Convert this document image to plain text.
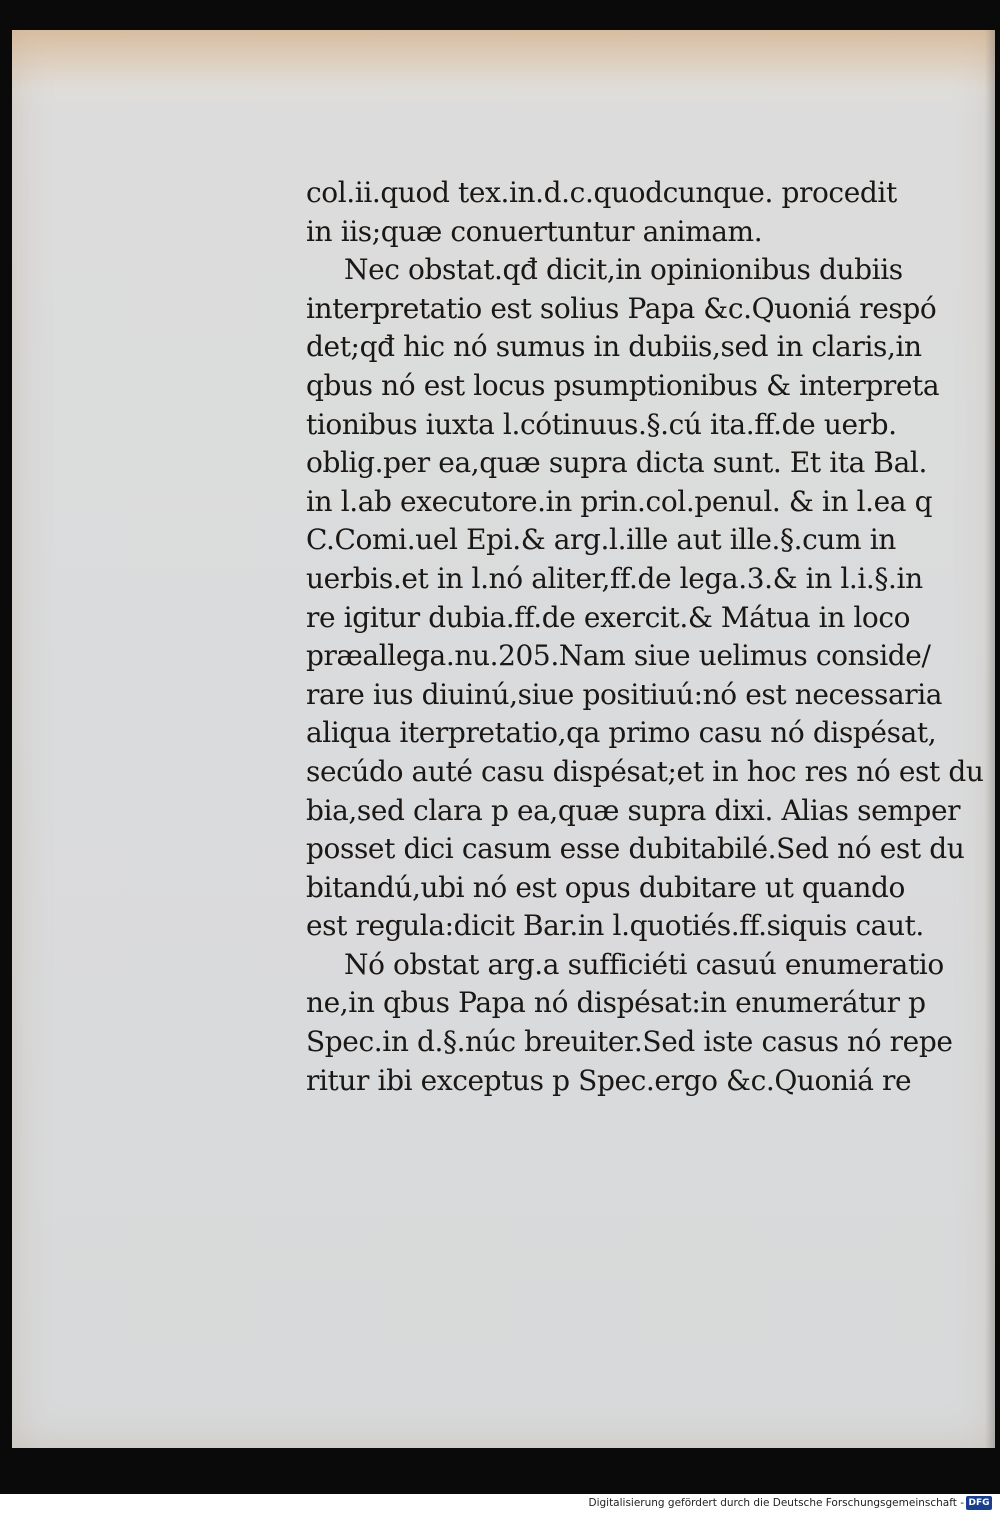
col.ii.quod tex.in.d.c.quodcunque. procedit
in iis;quæ conuertuntur animam.
Nec obstat.qđ dicit,in opinionibus dubiis
interpretatio est solius Papa &c.Quoniá respó
det;qđ hic nó sumus in dubiis,sed in claris,in
qbus nó est locus psumptionibus & interpreta
tionibus iuxta l.cótinuus.§.cú ita.ff.de uerb.
oblig.per ea,quæ supra dicta sunt. Et ita Bal.
in l.ab executore.in prin.col.penul. & in l.ea q
C.Comi.uel Epi.& arg.l.ille aut ille.§.cum in
uerbis.et in l.nó aliter,ff.de lega.3.& in l.i.§.in
re igitur dubia.ff.de exercit.& Mátua in loco
præallega.nu.205.Nam siue uelimus conside/
rare ius diuinú,siue positiuú:nó est necessaria
aliqua iterpretatio,qa primo casu nó dispésat,
secúdo auté casu dispésat;et in hoc res nó est du
bia,sed clara p ea,quæ supra dixi. Alias semper
posset dici casum esse dubitabilé.Sed nó est du
bitandú,ubi nó est opus dubitare ut quando
est regula:dicit Bar.in l.quotiés.ff.siquis caut.
Nó obstat arg.a sufficiéti casuú enumeratio
ne,in qbus Papa nó dispésat:in enumerátur p
Spec.in d.§.núc breuiter.Sed iste casus nó repe
ritur ibi exceptus p Spec.ergo &c.Quoniá re
Digitalisierung gefördert durch die Deutsche Forschungsgemeinschaft - DFG
